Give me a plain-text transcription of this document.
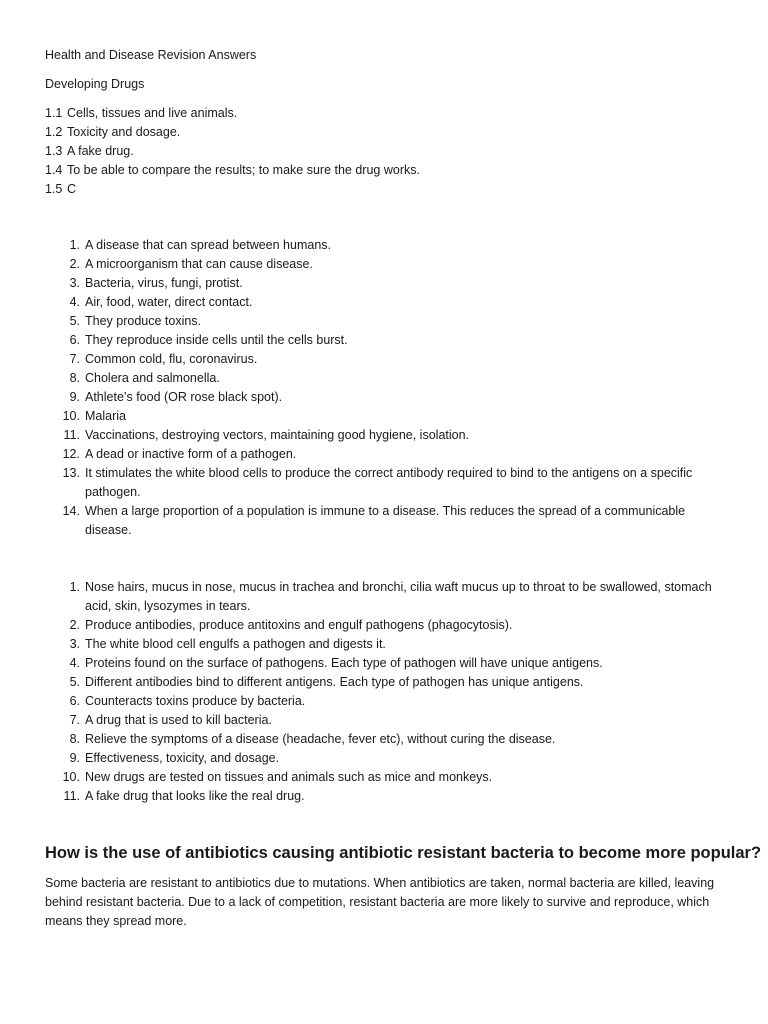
Health and Disease Revision Answers
Developing Drugs
1.1 Cells, tissues and live animals.
1.2 Toxicity and dosage.
1.3 A fake drug.
1.4 To be able to compare the results; to make sure the drug works.
1.5 C
1. A disease that can spread between humans.
2. A microorganism that can cause disease.
3. Bacteria, virus, fungi, protist.
4. Air, food, water, direct contact.
5. They produce toxins.
6. They reproduce inside cells until the cells burst.
7. Common cold, flu, coronavirus.
8. Cholera and salmonella.
9. Athlete’s food (OR rose black spot).
10. Malaria
11. Vaccinations, destroying vectors, maintaining good hygiene, isolation.
12. A dead or inactive form of a pathogen.
13. It stimulates the white blood cells to produce the correct antibody required to bind to the antigens on a specific pathogen.
14. When a large proportion of a population is immune to a disease. This reduces the spread of a communicable disease.
1. Nose hairs, mucus in nose, mucus in trachea and bronchi, cilia waft mucus up to throat to be swallowed, stomach acid, skin, lysozymes in tears.
2. Produce antibodies, produce antitoxins and engulf pathogens (phagocytosis).
3. The white blood cell engulfs a pathogen and digests it.
4. Proteins found on the surface of pathogens. Each type of pathogen will have unique antigens.
5. Different antibodies bind to different antigens. Each type of pathogen has unique antigens.
6. Counteracts toxins produce by bacteria.
7. A drug that is used to kill bacteria.
8. Relieve the symptoms of a disease (headache, fever etc), without curing the disease.
9. Effectiveness, toxicity, and dosage.
10. New drugs are tested on tissues and animals such as mice and monkeys.
11. A fake drug that looks like the real drug.
How is the use of antibiotics causing antibiotic resistant bacteria to become more popular?
Some bacteria are resistant to antibiotics due to mutations. When antibiotics are taken, normal bacteria are killed, leaving behind resistant bacteria. Due to a lack of competition, resistant bacteria are more likely to survive and reproduce, which means they spread more.
